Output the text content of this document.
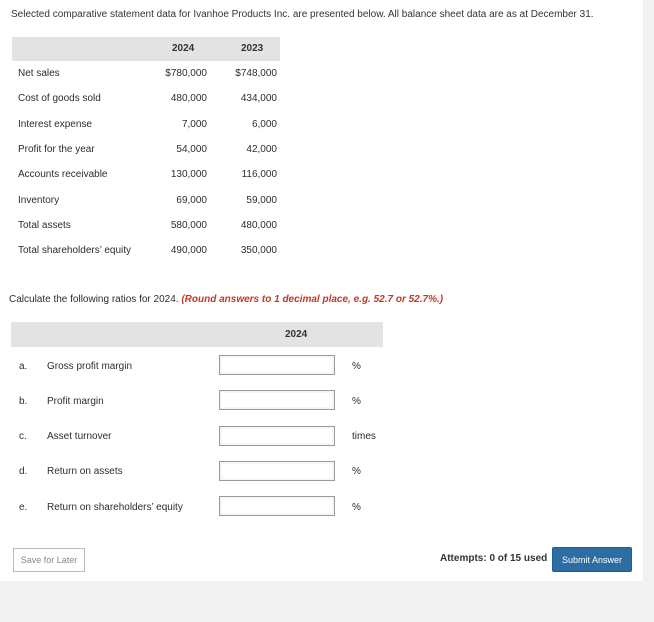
Selected comparative statement data for Ivanhoe Products Inc. are presented below. All balance sheet data are as at December 31.
2024	2023
Net sales	$780,000	$748,000
Cost of goods sold	480,000	434,000
Interest expense	7,000	6,000
Profit for the year	54,000	42,000
Accounts receivable	130,000	116,000
Inventory	69,000	59,000
Total assets	580,000	480,000
Total shareholders’ equity	490,000	350,000
Calculate the following ratios for 2024. (Round answers to 1 decimal place, e.g. 52.7 or 52.7%.)
2024
a. Gross profit margin	%
b. Profit margin	%
c. Asset turnover	times
d. Return on assets	%
e. Return on shareholders’ equity	%
Save for Later	Attempts: 0 of 15 used	Submit Answer
